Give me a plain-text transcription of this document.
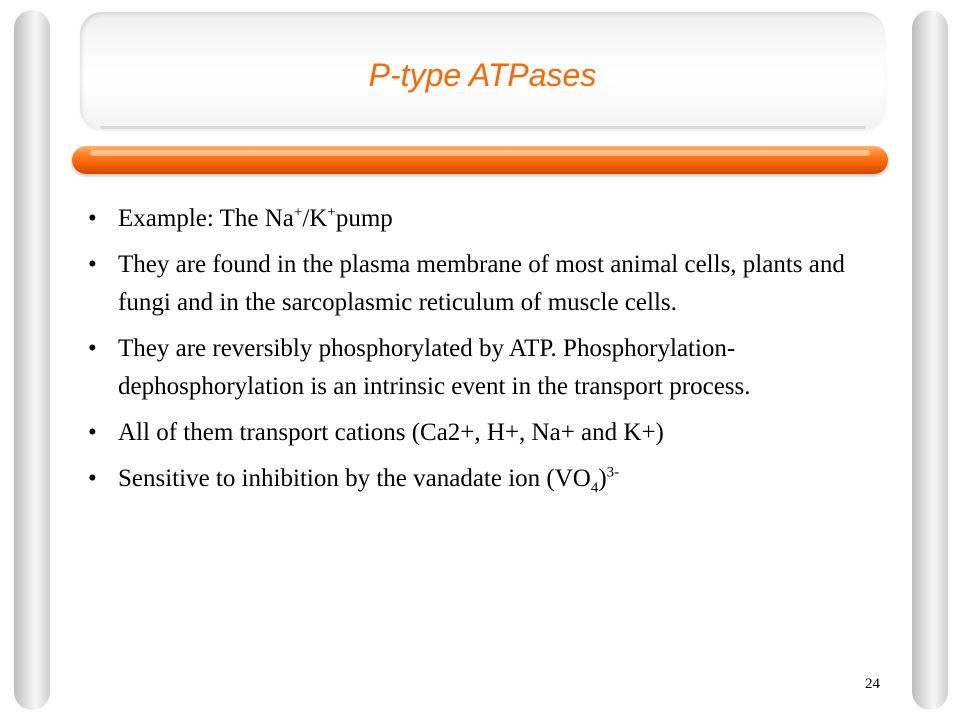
P-type ATPases
• Example: The Na+/K+pump
• They are found in the plasma membrane of most animal cells, plants and fungi and in the sarcoplasmic reticulum of muscle cells.
• They are reversibly phosphorylated by ATP. Phosphorylation-dephosphorylation is an intrinsic event in the transport process.
• All of them transport cations (Ca2+, H+, Na+ and K+)
• Sensitive to inhibition by the vanadate ion $(VO_4)^{3-}$
24
